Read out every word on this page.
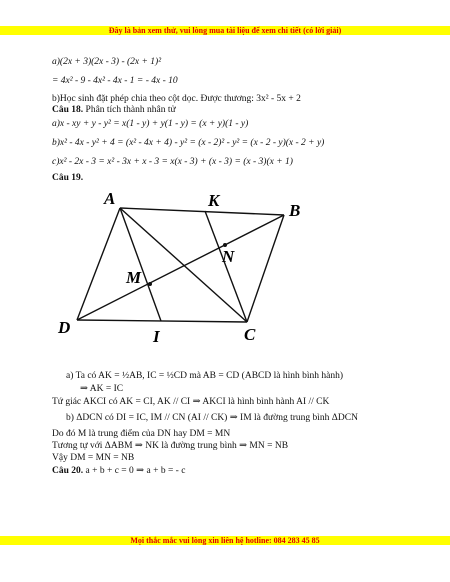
Đây là bản xem thử, vui lòng mua tài liệu để xem chi tiết (có lời giải)
a)(2x + 3)(2x - 3) - (2x + 1)²
= 4x² - 9 - 4x² - 4x - 1 = - 4x - 10
b)Học sinh đặt phép chia theo cột dọc. Được thương: 3x² - 5x + 2
Câu 18. Phân tích thành nhân tử
a)x - xy + y - y² = x(1 - y) + y(1 - y) = (x + y)(1 - y)
b)x² - 4x - y² + 4 = (x² - 4x + 4) - y² = (x - 2)² - y² = (x - 2 - y)(x - 2 + y)
c)x² - 2x - 3 = x² - 3x + x - 3 = x(x - 3) + (x - 3) = (x - 3)(x + 1)
Câu 19.
A	K
B
N
M
D	I	C
a) Ta có AK = ½AB, IC = ½CD mà AB = CD (ABCD là hình bình hành)
⇒ AK = IC
Tứ giác AKCI có AK = CI, AK // CI ⇒ AKCI là hình bình hành AI // CK
b) ΔDCN có DI = IC, IM // CN (AI // CK) ⇒ IM là đường trung bình ΔDCN
Do đó M là trung điểm của DN hay DM = MN
Tương tự với ΔABM ⇒ NK là đường trung bình ⇒ MN = NB
Vậy DM = MN = NB
Câu 20. a + b + c = 0 ⇒ a + b = - c
Mọi thắc mắc vui lòng xin liên hệ hotline: 084 283 45 85
